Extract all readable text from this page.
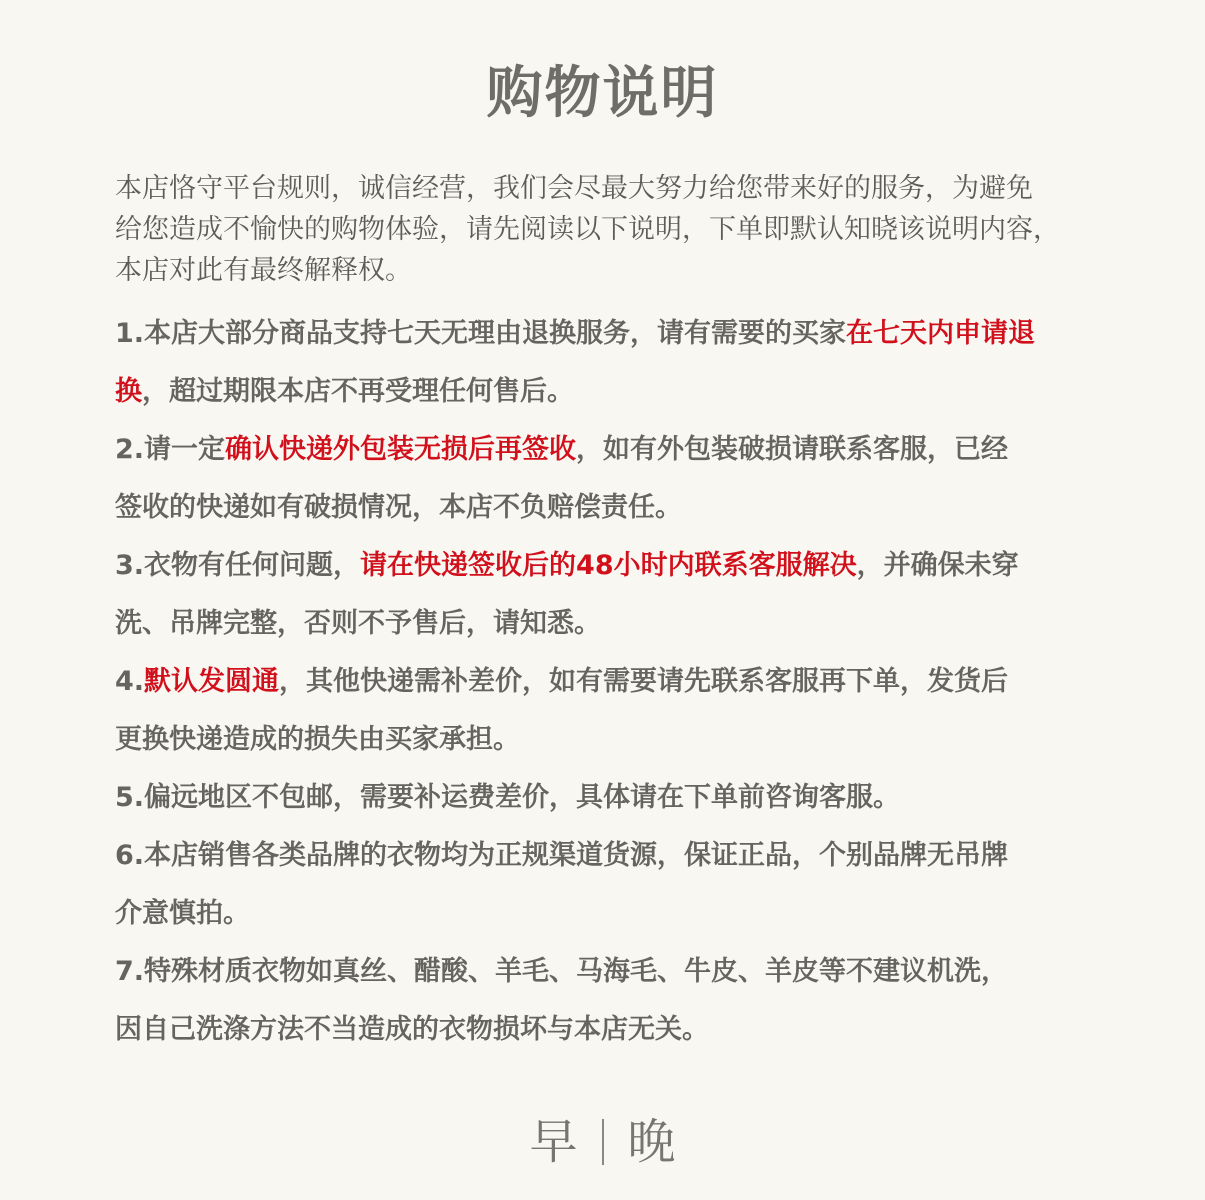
购物说明
本店恪守平台规则，诚信经营，我们会尽最大努力给您带来好的服务，为避免
给您造成不愉快的购物体验，请先阅读以下说明，下单即默认知晓该说明内容，
本店对此有最终解释权。
1.本店大部分商品支持七天无理由退换服务，请有需要的买家在七天内申请退
换，超过期限本店不再受理任何售后。
2.请一定确认快递外包装无损后再签收，如有外包装破损请联系客服，已经
签收的快递如有破损情况，本店不负赔偿责任。
3.衣物有任何问题，请在快递签收后的48小时内联系客服解决，并确保未穿
洗、吊牌完整，否则不予售后，请知悉。
4.默认发圆通，其他快递需补差价，如有需要请先联系客服再下单，发货后
更换快递造成的损失由买家承担。
5.偏远地区不包邮，需要补运费差价，具体请在下单前咨询客服。
6.本店销售各类品牌的衣物均为正规渠道货源，保证正品，个别品牌无吊牌
介意慎拍。
7.特殊材质衣物如真丝、醋酸、羊毛、马海毛、牛皮、羊皮等不建议机洗，
因自己洗涤方法不当造成的衣物损坏与本店无关。
早 晚
